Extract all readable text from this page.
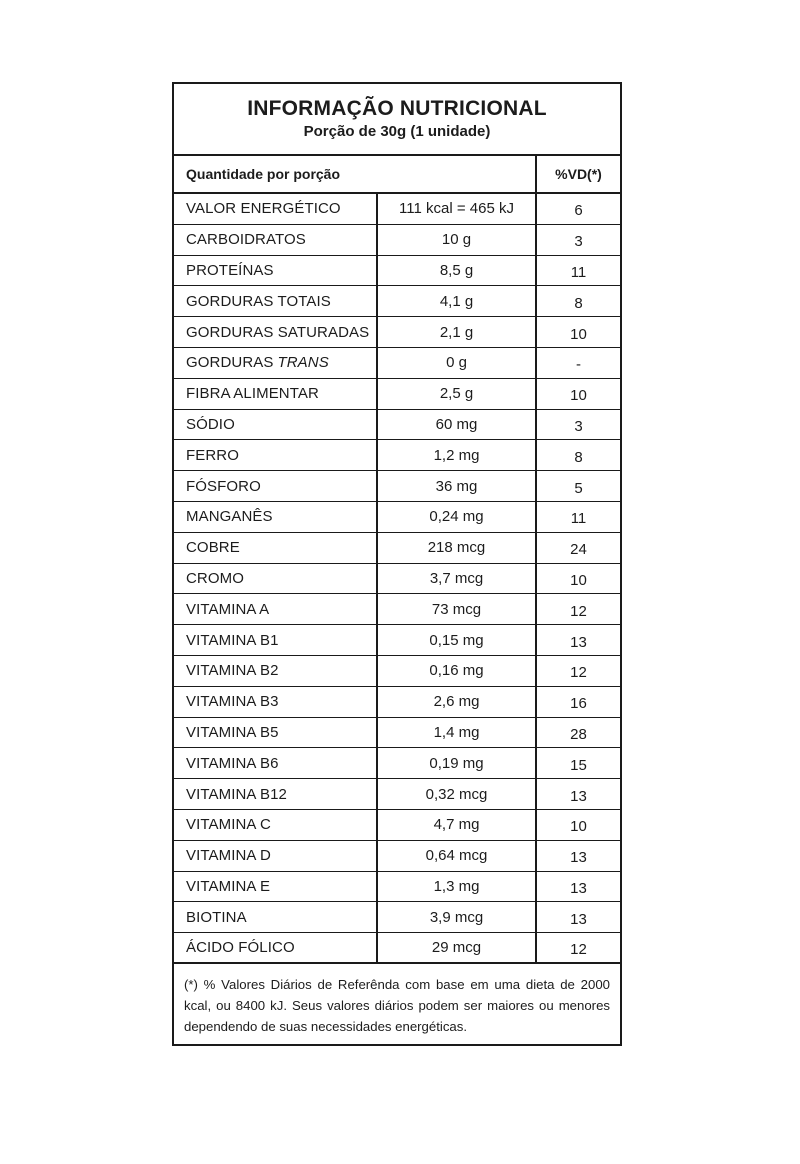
INFORMAÇÃO NUTRICIONAL
Porção de 30g (1 unidade)
Quantidade por porção	%VD(*)
VALOR ENERGÉTICO	111 kcal = 465 kJ	6
CARBOIDRATOS	10 g	3
PROTEÍNAS	8,5 g	11
GORDURAS TOTAIS	4,1 g	8
GORDURAS SATURADAS	2,1 g	10
GORDURAS TRANS	0 g	-
FIBRA ALIMENTAR	2,5 g	10
SÓDIO	60 mg	3
FERRO	1,2 mg	8
FÓSFORO	36 mg	5
MANGANÊS	0,24 mg	11
COBRE	218 mcg	24
CROMO	3,7 mcg	10
VITAMINA A	73 mcg	12
VITAMINA B1	0,15 mg	13
VITAMINA B2	0,16 mg	12
VITAMINA B3	2,6 mg	16
VITAMINA B5	1,4 mg	28
VITAMINA B6	0,19 mg	15
VITAMINA B12	0,32 mcg	13
VITAMINA C	4,7 mg	10
VITAMINA D	0,64 mcg	13
VITAMINA E	1,3 mg	13
BIOTINA	3,9 mcg	13
ÁCIDO FÓLICO	29 mcg	12
(*) % Valores Diários de Referênda com base em uma dieta de 2000 kcal, ou 8400 kJ. Seus valores diários podem ser maiores ou menores dependendo de suas necessidades energéticas.
